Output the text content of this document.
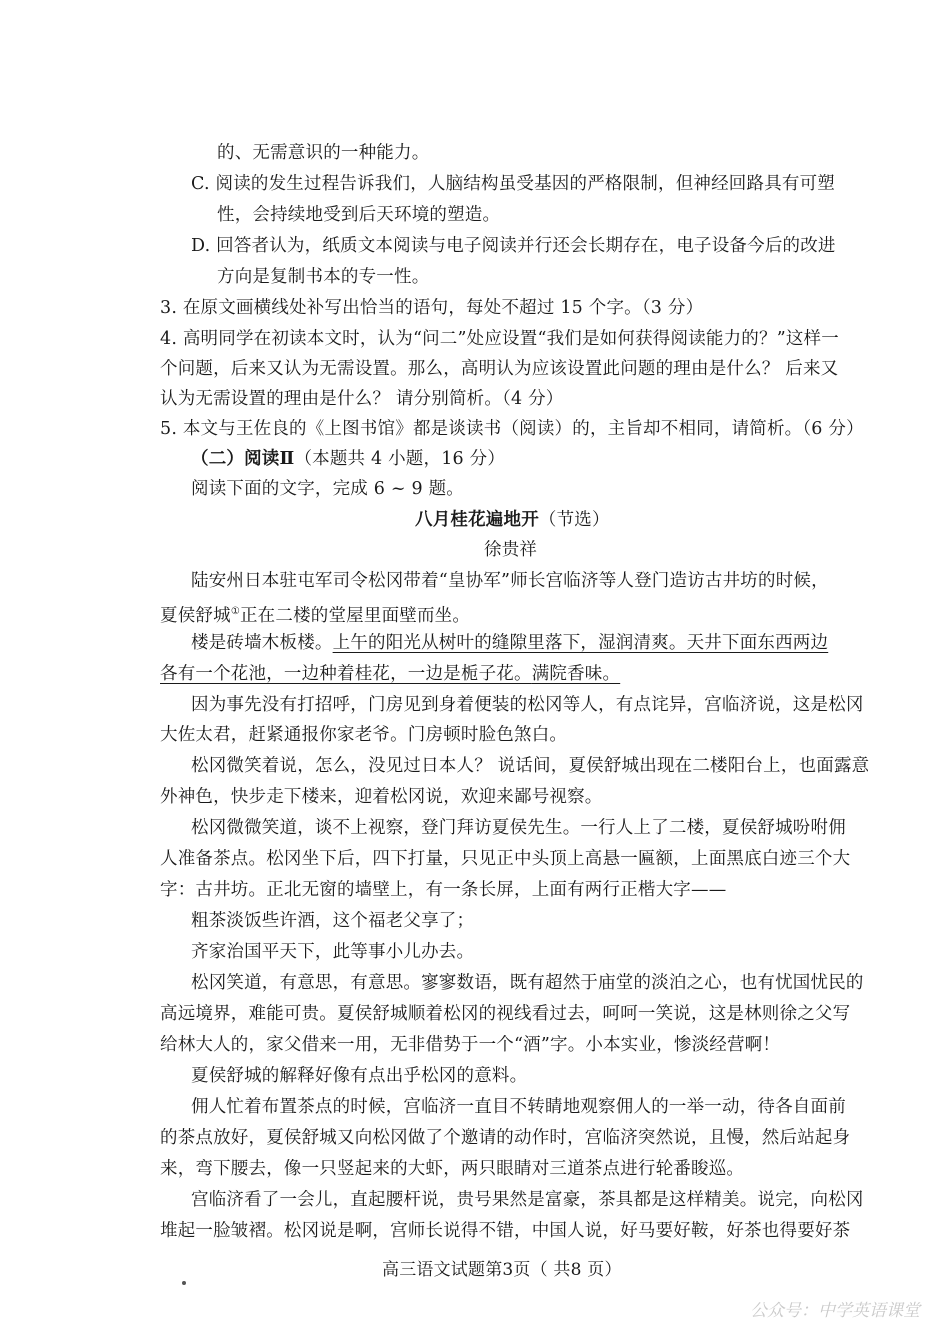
的、无需意识的一种能力。
C. 阅读的发生过程告诉我们，人脑结构虽受基因的严格限制，但神经回路具有可塑
性，会持续地受到后天环境的塑造。
D. 回答者认为，纸质文本阅读与电子阅读并行还会长期存在，电子设备今后的改进
方向是复制书本的专一性。
3. 在原文画横线处补写出恰当的语句，每处不超过 15 个字。（3 分）
4. 高明同学在初读本文时，认为“问二”处应设置“我们是如何获得阅读能力的？”这样一
个问题，后来又认为无需设置。那么，高明认为应该设置此问题的理由是什么？ 后来又
认为无需设置的理由是什么？ 请分别简析。（4 分）
5. 本文与王佐良的《上图书馆》都是谈读书（阅读）的，主旨却不相同，请简析。（6 分）
（二）阅读Ⅱ（本题共 4 小题，16 分）
阅读下面的文字，完成 6 ~ 9 题。
八月桂花遍地开（节选）
徐贵祥
陆安州日本驻屯军司令松冈带着“皇协军”师长宫临济等人登门造访古井坊的时候，
夏侯舒城①正在二楼的堂屋里面壁而坐。
楼是砖墙木板楼。上午的阳光从树叶的缝隙里落下，湿润清爽。天井下面东西两边
各有一个花池，一边种着桂花，一边是栀子花。满院香味。
因为事先没有打招呼，门房见到身着便装的松冈等人，有点诧异，宫临济说，这是松冈
大佐太君，赶紧通报你家老爷。门房顿时脸色煞白。
松冈微笑着说，怎么，没见过日本人？ 说话间，夏侯舒城出现在二楼阳台上，也面露意
外神色，快步走下楼来，迎着松冈说，欢迎来鄙号视察。
松冈微微笑道，谈不上视察，登门拜访夏侯先生。一行人上了二楼，夏侯舒城吩咐佣
人准备茶点。松冈坐下后，四下打量，只见正中头顶上高悬一匾额，上面黑底白迹三个大
字：古井坊。正北无窗的墙壁上，有一条长屏，上面有两行正楷大字——
粗茶淡饭些许酒，这个福老父享了；
齐家治国平天下，此等事小儿办去。
松冈笑道，有意思，有意思。寥寥数语，既有超然于庙堂的淡泊之心，也有忧国忧民的
高远境界，难能可贵。夏侯舒城顺着松冈的视线看过去，呵呵一笑说，这是林则徐之父写
给林大人的，家父借来一用，无非借势于一个“酒”字。小本实业，惨淡经营啊！
夏侯舒城的解释好像有点出乎松冈的意料。
佣人忙着布置茶点的时候，宫临济一直目不转睛地观察佣人的一举一动，待各自面前
的茶点放好，夏侯舒城又向松冈做了个邀请的动作时，宫临济突然说，且慢，然后站起身
来，弯下腰去，像一只竖起来的大虾，两只眼睛对三道茶点进行轮番睃巡。
宫临济看了一会儿，直起腰杆说，贵号果然是富豪，茶具都是这样精美。说完，向松冈
堆起一脸皱褶。松冈说是啊，宫师长说得不错，中国人说，好马要好鞍，好茶也得要好茶
高三语文试题第3页（ 共8 页）
公众号：中学英语课堂
